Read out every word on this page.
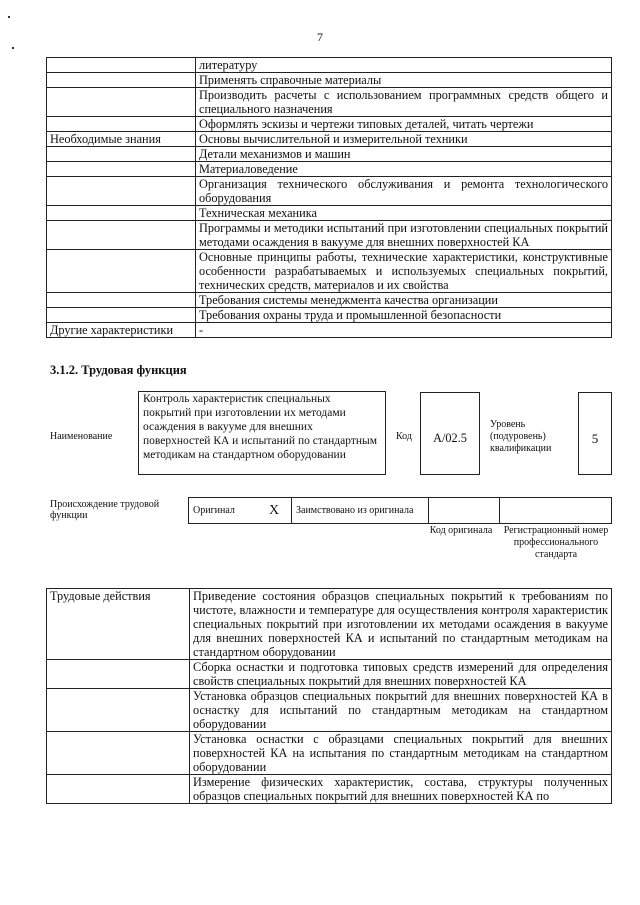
7
	литературу
	Применять справочные материалы
	Производить расчеты с использованием программных средств общего и специального назначения
	Оформлять эскизы и чертежи типовых деталей, читать чертежи
Необходимые знания	Основы вычислительной и измерительной техники
	Детали механизмов и машин
	Материаловедение
	Организация технического обслуживания и ремонта технологического оборудования
	Техническая механика
	Программы и методики испытаний при изготовлении специальных покрытий методами осаждения в вакууме для внешних поверхностей КА
	Основные принципы работы, технические характеристики, конструктивные особенности разрабатываемых и используемых специальных покрытий, технических средств, материалов и их свойства
	Требования системы менеджмента качества организации
	Требования охраны труда и промышленной безопасности
Другие характеристики	-
3.1.2. Трудовая функция
Наименование
Контроль характеристик специальных покрытий при изготовлении их методами осаждения в вакууме для внешних поверхностей КА и испытаний по стандартным методикам на стандартном оборудовании
Код	A/02.5
Уровень (подуровень) квалификации
5
Происхождение трудовой функции	Оригинал	X	Заимствовано из оригинала		
Код оригинала	Регистрационный номер профессионального стандарта
Трудовые действия	Приведение состояния образцов специальных покрытий к требованиям по чистоте, влажности и температуре для осуществления контроля характеристик специальных покрытий при изготовлении их методами осаждения в вакууме для внешних поверхностей КА и испытаний по стандартным методикам на стандартном оборудовании
	Сборка оснастки и подготовка типовых средств измерений для определения свойств специальных покрытий для внешних поверхностей КА
	Установка образцов специальных покрытий для внешних поверхностей КА в оснастку для испытаний по стандартным методикам на стандартном оборудовании
	Установка оснастки с образцами специальных покрытий для внешних поверхностей КА на испытания по стандартным методикам на стандартном оборудовании
	Измерение физических характеристик, состава, структуры полученных образцов специальных покрытий для внешних поверхностей КА по
